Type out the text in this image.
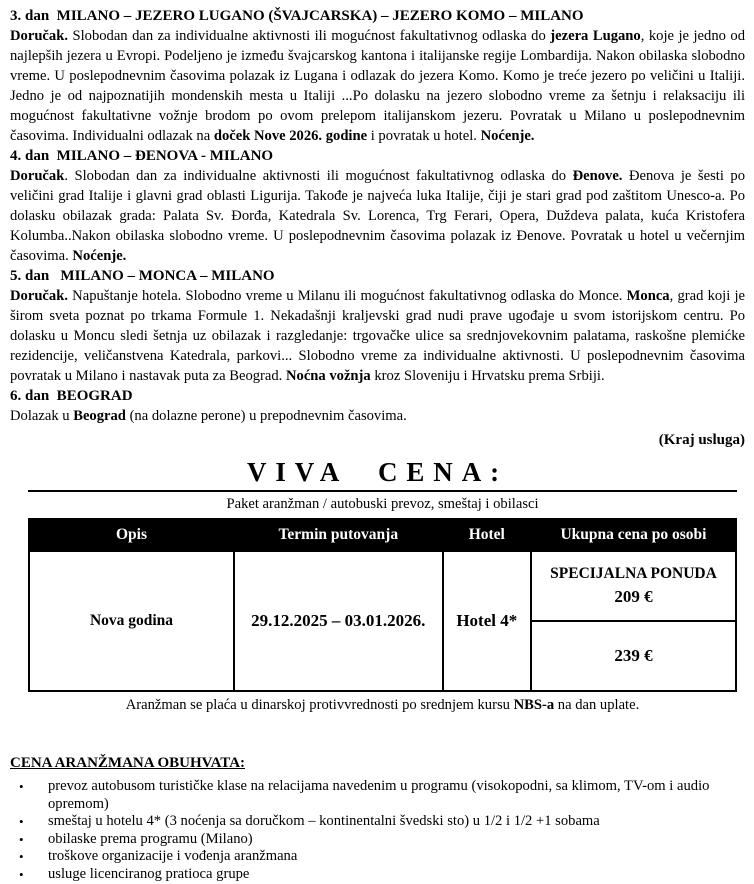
3. dan  MILANO – JEZERO LUGANO (ŠVAJCARSKA) – JEZERO KOMO – MILANO

Doručak. Slobodan dan za individualne aktivnosti ili mogućnost fakultativnog odlaska do jezera Lugano, koje je jedno od najlepših jezera u Evropi. Podeljeno je između švajcarskog kantona i italijanske regije Lombardija. Nakon obilaska slobodno vreme. U poslepodnevnim časovima polazak iz Lugana i odlazak do jezera Komo. Komo je treće jezero po veličini u Italiji. Jedno je od najpoznatijih mondenskih mesta u Italiji ...Po dolasku na jezero slobodno vreme za šetnju i relaksaciju ili mogućnost fakultativne vožnje brodom po ovom prelepom italijanskom jezeru. Povratak u Milano u poslepodnevnim časovima. Individualni odlazak na doček Nove 2026. godine i povratak u hotel. Noćenje.

4. dan  MILANO – ĐENOVA - MILANO

Doručak. Slobodan dan za individualne aktivnosti ili mogućnost fakultativnog odlaska do Đenove. Đenova je šesti po veličini grad Italije i glavni grad oblasti Ligurija. Takođe je najveća luka Italije, čiji je stari grad pod zaštitom Unesco-a. Po dolasku obilazak grada: Palata Sv. Đorđa, Katedrala Sv. Lorenca, Trg Ferari, Opera, Duždeva palata, kuća Kristofera Kolumba..Nakon obilaska slobodno vreme. U poslepodnevnim časovima polazak iz Đenove. Povratak u hotel u večernjim časovima. Noćenje.

5. dan   MILANO – MONCA – MILANO

Doručak. Napuštanje hotela. Slobodno vreme u Milanu ili mogućnost fakultativnog odlaska do Monce. Monca, grad koji je širom sveta poznat po trkama Formule 1. Nekadašnji kraljevski grad nudi prave ugođaje u svom istorijskom centru. Po dolasku u Moncu sledi šetnja uz obilazak i razgledanje: trgovačke ulice sa srednjovekovnim palatama, raskošne plemićke rezidencije, veličanstvena Katedrala, parkovi... Slobodno vreme za individualne aktivnosti. U poslepodnevnim časovima povratak u Milano i nastavak puta za Beograd. Noćna vožnja kroz Sloveniju i Hrvatsku prema Srbiji.

6. dan  BEOGRAD

Dolazak u Beograd (na dolazne perone) u prepodnevnim časovima.

(Kraj usluga)
VIVA  CENA:
Paket aranžman / autobuski prevoz, smeštaj i obilasci
Opis	Termin putovanja	Hotel	Ukupna cena po osobi
Nova godina	29.12.2025 – 03.01.2026.	Hotel 4*	SPECIJALNA PONUDA
209 €

			239 €
Aranžman se plaća u dinarskoj protivvrednosti po srednjem kursu NBS-a na dan uplate.
CENA ARANŽMANA OBUHVATA:
• prevoz autobusom turističke klase na relacijama navedenim u programu (visokopodni, sa klimom, TV-om i audio opremom)
• smeštaj u hotelu 4* (3 noćenja sa doručkom – kontinentalni švedski sto) u 1/2 i 1/2 +1 sobama
• obilaske prema programu (Milano)
• troškove organizacije i vođenja aranžmana
• usluge licenciranog pratioca grupe
